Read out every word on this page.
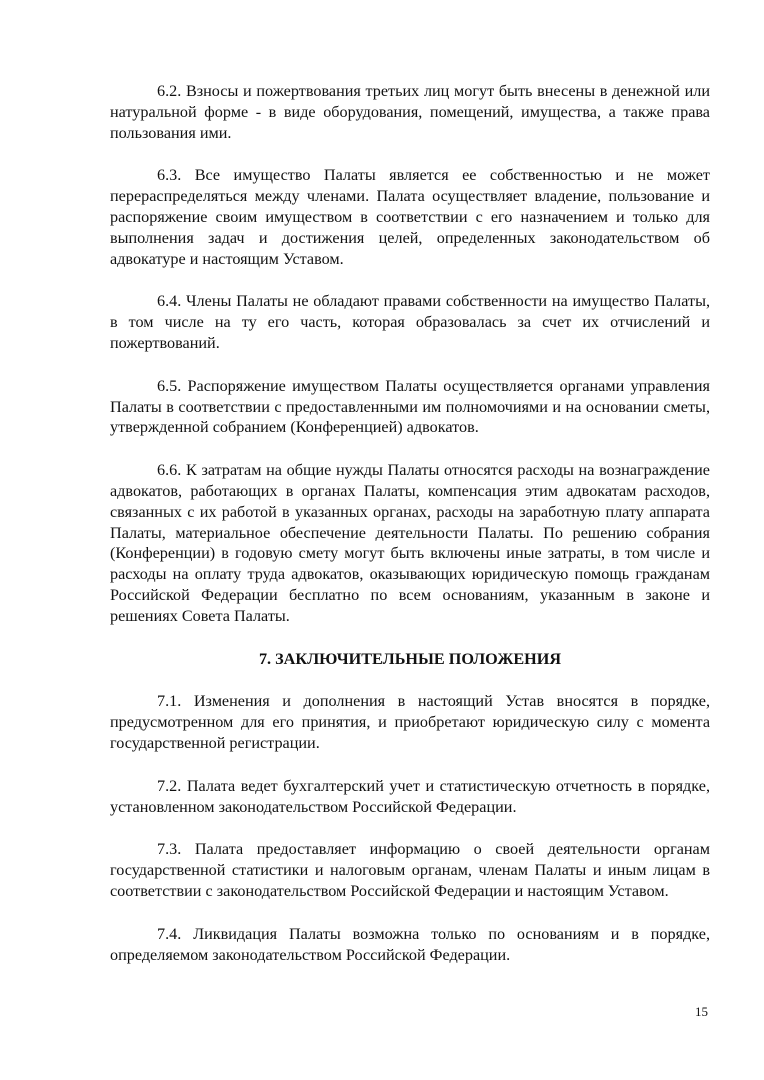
6.2. Взносы и пожертвования третьих лиц могут быть внесены в денежной или натуральной форме - в виде оборудования, помещений, имущества, а также права пользования ими.

6.3. Все имущество Палаты является ее собственностью и не может перераспределяться между членами. Палата осуществляет владение, пользование и распоряжение своим имуществом в соответствии с его назначением и только для выполнения задач и достижения целей, определенных законодательством об адвокатуре и настоящим Уставом.

6.4. Члены Палаты не обладают правами собственности на имущество Палаты, в том числе на ту его часть, которая образовалась за счет их отчислений и пожертвований.

6.5. Распоряжение имуществом Палаты осуществляется органами управления Палаты в соответствии с предоставленными им полномочиями и на основании сметы, утвержденной собранием (Конференцией) адвокатов.

6.6. К затратам на общие нужды Палаты относятся расходы на вознаграждение адвокатов, работающих в органах Палаты, компенсация этим адвокатам расходов, связанных с их работой в указанных органах, расходы на заработную плату аппарата Палаты, материальное обеспечение деятельности Палаты. По решению собрания (Конференции) в годовую смету могут быть включены иные затраты, в том числе и расходы на оплату труда адвокатов, оказывающих юридическую помощь гражданам Российской Федерации бесплатно по всем основаниям, указанным в законе и решениях Совета Палаты.

7. ЗАКЛЮЧИТЕЛЬНЫЕ ПОЛОЖЕНИЯ

7.1. Изменения и дополнения в настоящий Устав вносятся в порядке, предусмотренном для его принятия, и приобретают юридическую силу с момента государственной регистрации.

7.2. Палата ведет бухгалтерский учет и статистическую отчетность в порядке, установленном законодательством Российской Федерации.

7.3. Палата предоставляет информацию о своей деятельности органам государственной статистики и налоговым органам, членам Палаты и иным лицам в соответствии с законодательством Российской Федерации и настоящим Уставом.

7.4. Ликвидация Палаты возможна только по основаниям и в порядке, определяемом законодательством Российской Федерации.

15
